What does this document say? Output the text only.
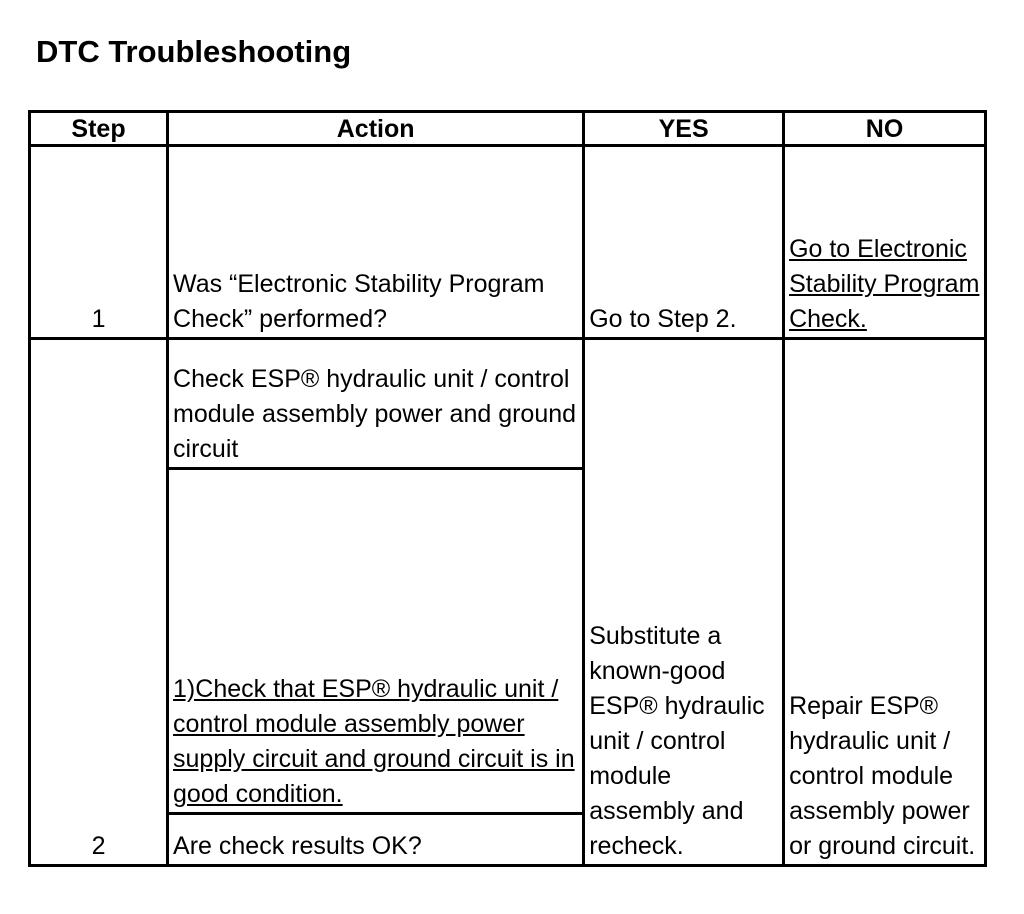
DTC Troubleshooting
Step	Action	YES	NO
1	Was “Electronic Stability Program Check” performed?	Go to Step 2.	Go to Electronic Stability Program Check.
2	Check ESP® hydraulic unit / control module assembly power and ground circuit	Substitute a known-good ESP® hydraulic unit / control module assembly and recheck.	Repair ESP® hydraulic unit / control module assembly power or ground circuit.
	1)Check that ESP® hydraulic unit / control module assembly power supply circuit and ground circuit is in good condition.		
	Are check results OK?		
